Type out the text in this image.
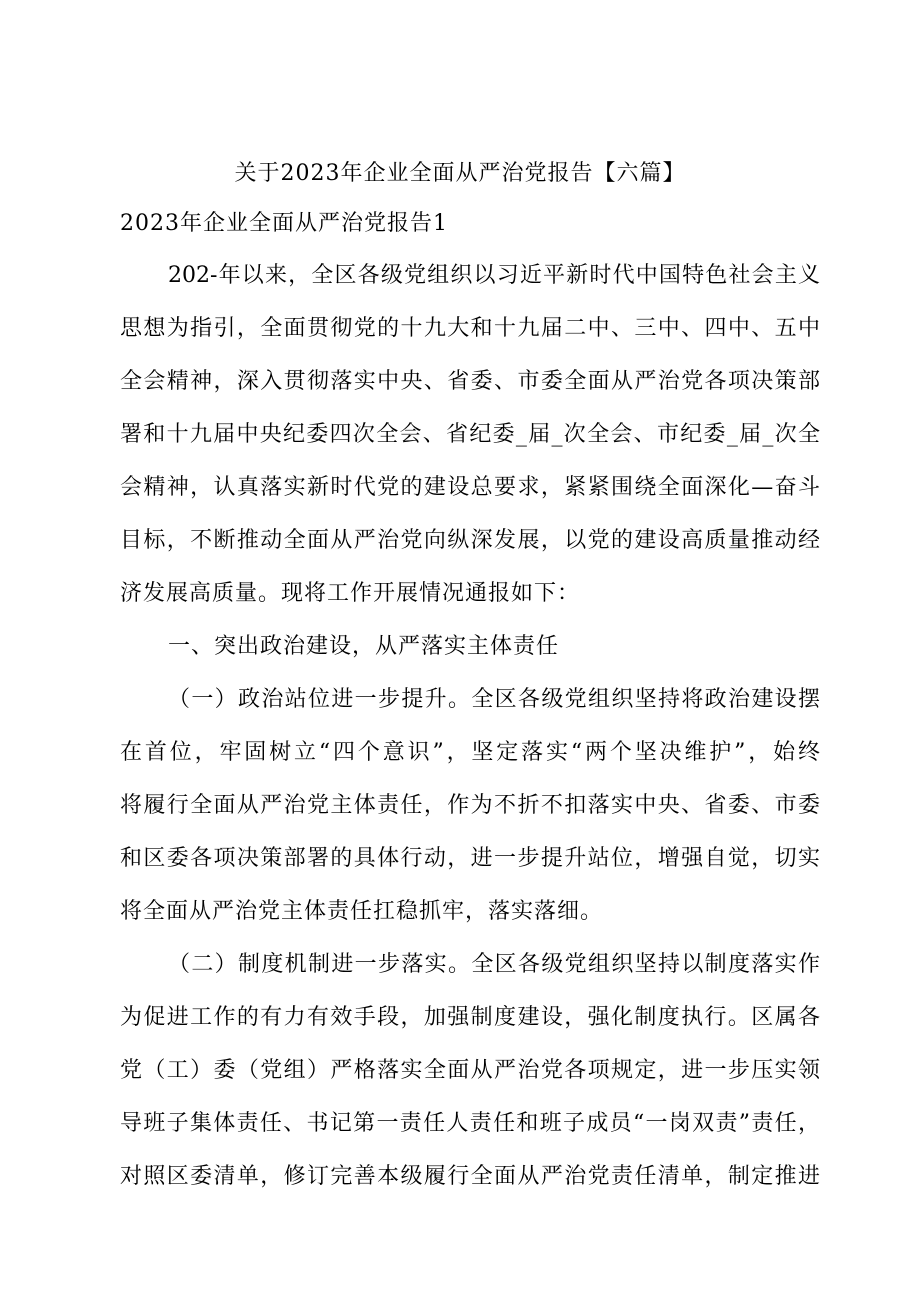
关于2023年企业全面从严治党报告【六篇】
2023年企业全面从严治党报告1
202-年以来，全区各级党组织以习近平新时代中国特色社会主义
思想为指引，全面贯彻党的十九大和十九届二中、三中、四中、五中
全会精神，深入贯彻落实中央、省委、市委全面从严治党各项决策部
署和十九届中央纪委四次全会、省纪委_届_次全会、市纪委_届_次全
会精神，认真落实新时代党的建设总要求，紧紧围绕全面深化—奋斗
目标，不断推动全面从严治党向纵深发展，以党的建设高质量推动经
济发展高质量。现将工作开展情况通报如下：
一、突出政治建设，从严落实主体责任
（一）政治站位进一步提升。全区各级党组织坚持将政治建设摆
在首位，牢固树立“四个意识”，坚定落实“两个坚决维护”，始终
将履行全面从严治党主体责任，作为不折不扣落实中央、省委、市委
和区委各项决策部署的具体行动，进一步提升站位，增强自觉，切实
将全面从严治党主体责任扛稳抓牢，落实落细。
（二）制度机制进一步落实。全区各级党组织坚持以制度落实作
为促进工作的有力有效手段，加强制度建设，强化制度执行。区属各
党（工）委（党组）严格落实全面从严治党各项规定，进一步压实领
导班子集体责任、书记第一责任人责任和班子成员“一岗双责”责任，
对照区委清单，修订完善本级履行全面从严治党责任清单，制定推进
